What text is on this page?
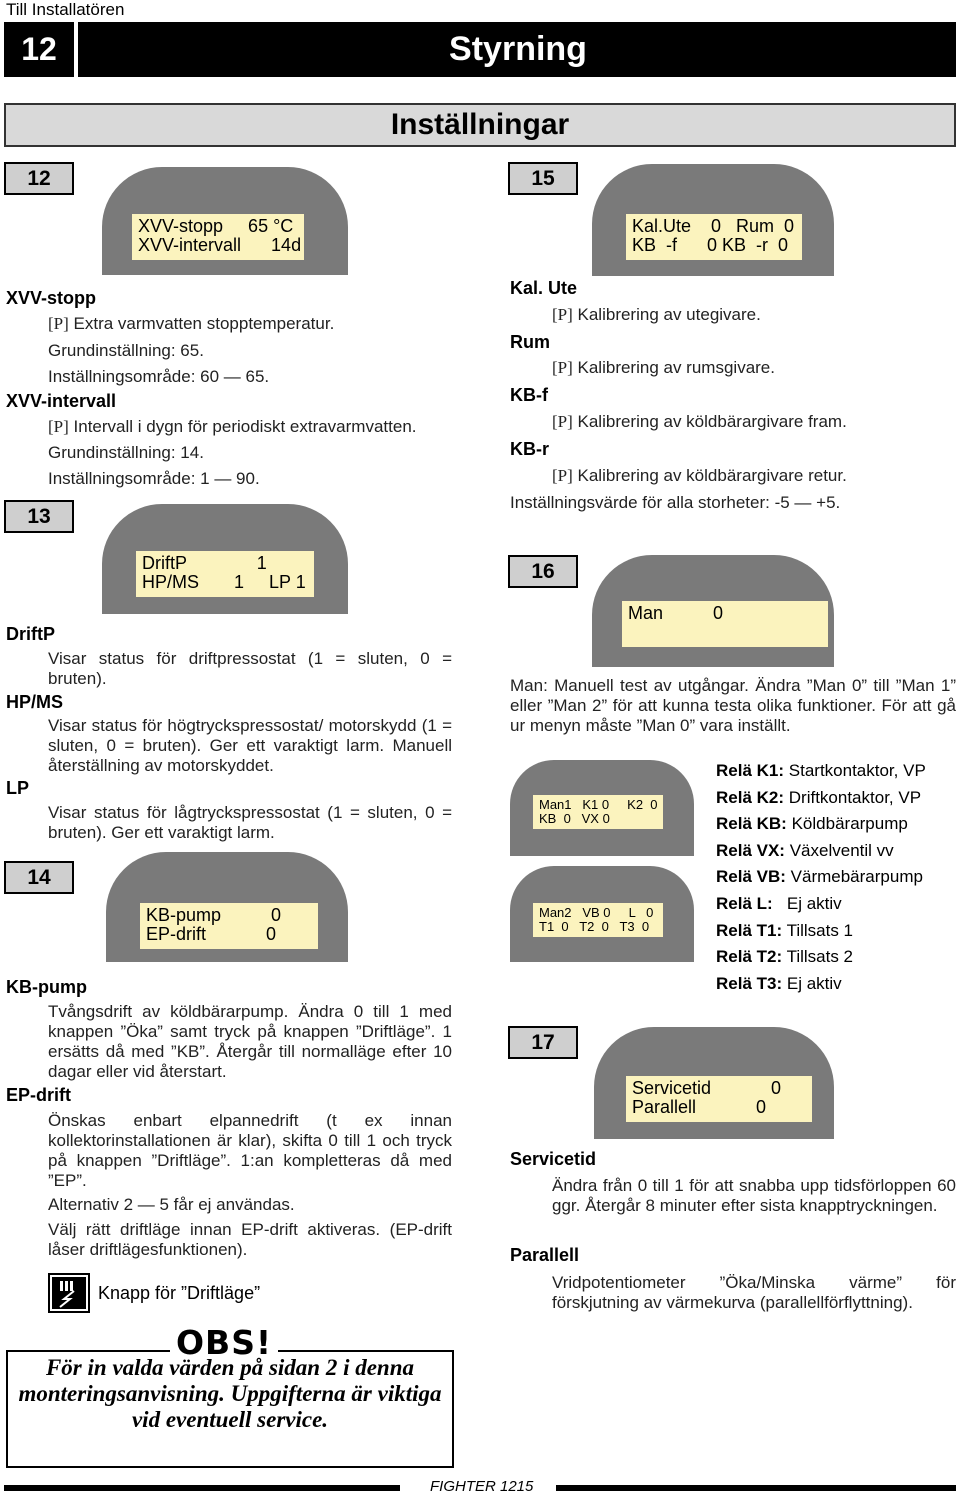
Till Installatören
12	Styrning
Inställningar
12
XVV-stopp     65 °C
XVV-intervall      14d
XVV-stopp
[P] Extra varmvatten stopptemperatur.
Grundinställning: 65.
Inställningsområde: 60 — 65.
XVV-intervall
[P] Intervall i dygn för periodiskt extravarmvatten.
Grundinställning: 14.
Inställningsområde: 1 — 90.
13
DriftP              1
HP/MS       1     LP 1
DriftP
Visar status för driftpressostat (1 = sluten, 0 = bruten).
HP/MS
Visar status för högtryckspressostat/ motorskydd (1 = sluten, 0 = bruten). Ger ett varaktigt larm. Manuell återställning av motorskyddet.
LP
Visar status för lågtryckspressostat (1 = sluten, 0 = bruten). Ger ett varaktigt larm.
14
KB-pump          0
EP-drift            0
KB-pump
Tvångsdrift av köldbärarpump. Ändra 0 till 1 med knappen ”Öka” samt tryck på knappen ”Driftläge”. 1 ersätts då med ”KB”. Återgår till normalläge efter 10 dagar eller vid återstart.
EP-drift
Önskas enbart elpannedrift (t ex innan kollektorinstallationen är klar), skifta 0 till 1 och tryck på knappen ”Driftläge”. 1:an kompletteras då med ”EP”.
Alternativ 2 — 5 får ej användas.
Välj rätt driftläge innan EP-drift aktiveras. (EP-drift låser driftlägesfunktionen).
Knapp för ”Driftläge”
OBS!
För in valda värden på sidan 2 i denna monteringsanvisning. Uppgifterna är viktiga vid eventuell service.
15
Kal.Ute    0   Rum  0
KB  -f      0 KB  -r  0
Kal. Ute
[P] Kalibrering av utegivare.
Rum
[P] Kalibrering av rumsgivare.
KB-f
[P] Kalibrering av köldbärargivare fram.
KB-r
[P] Kalibrering av köldbärargivare retur.
Inställningsvärde för alla storheter: -5 — +5.
16
Man          0
Man: Manuell test av utgångar. Ändra ”Man 0” till ”Man 1” eller ”Man 2” för att kunna testa olika funktioner. För att gå ur menyn måste ”Man 0” vara inställt.
Man1   K1 0     K2  0
KB  0   VX 0
Man2   VB 0     L   0
T1  0   T2  0   T3  0
Relä K1: Startkontaktor, VP
Relä K2: Driftkontaktor, VP
Relä KB: Köldbärarpump
Relä VX: Växelventil vv
Relä VB: Värmebärarpump
Relä L: Ej aktiv
Relä T1: Tillsats 1
Relä T2: Tillsats 2
Relä T3: Ej aktiv
17
Servicetid            0
Parallell            0
Servicetid
Ändra från 0 till 1 för att snabba upp tidsförloppen 60 ggr. Återgår 8 minuter efter sista knapptryckningen.
Parallell
Vridpotentiometer ”Öka/Minska värme” för förskjutning av värmekurva (parallellförflyttning).
FIGHTER 1215
